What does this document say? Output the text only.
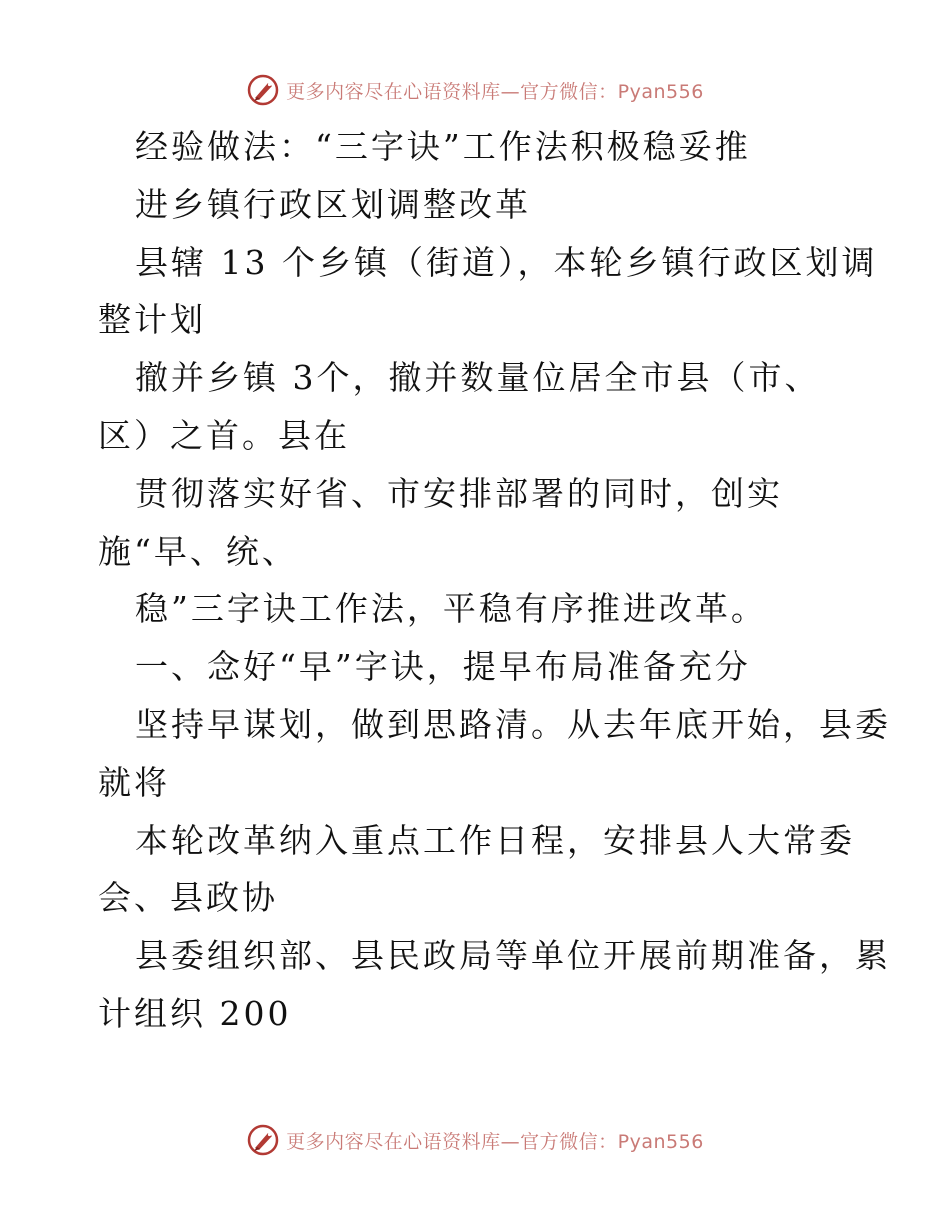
更多内容尽在心语资料库—官方微信：Pyan556
经验做法：“三字诀”工作法积极稳妥推
进乡镇行政区划调整改革
县辖 13 个乡镇（街道），本轮乡镇行政区划调
整计划
撤并乡镇 3个，撤并数量位居全市县（市、
区）之首。县在
贯彻落实好省、市安排部署的同时，创实
施“早、统、
稳”三字诀工作法，平稳有序推进改革。
一、念好“早”字诀，提早布局准备充分
坚持早谋划，做到思路清。从去年底开始，县委
就将
本轮改革纳入重点工作日程，安排县人大常委
会、县政协
县委组织部、县民政局等单位开展前期准备，累
计组织 200
更多内容尽在心语资料库—官方微信：Pyan556
